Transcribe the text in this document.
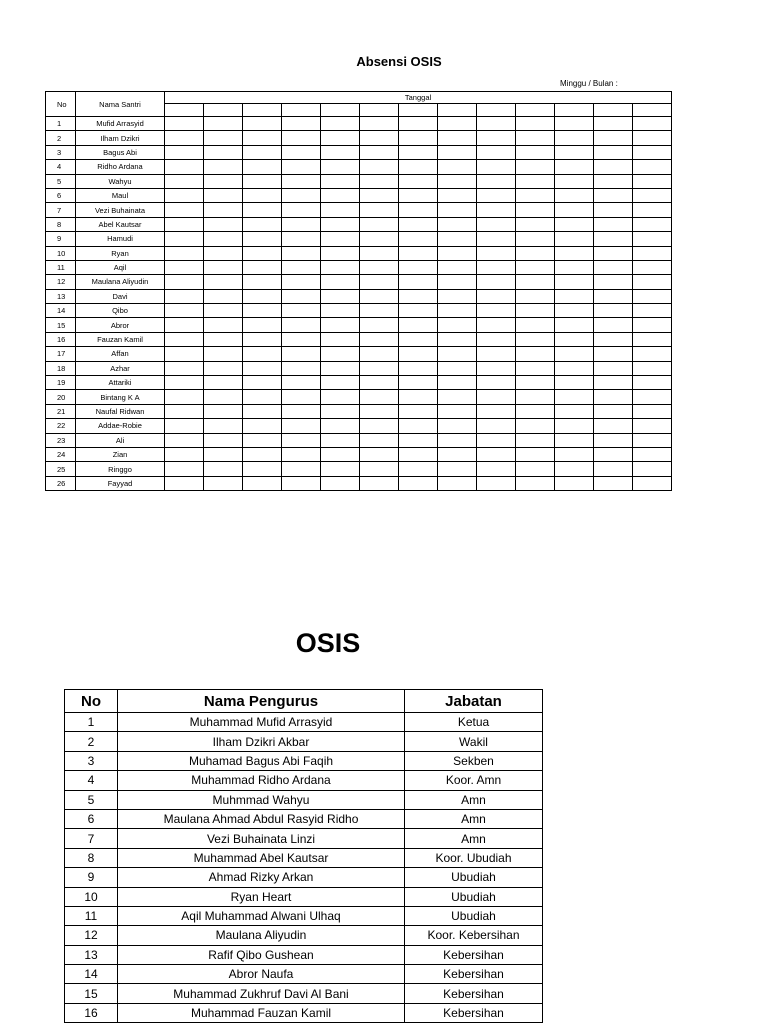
Absensi OSIS
Minggu / Bulan :
No	Nama Santri	Tanggal												

1	Mufid Arrasyid													
2	Ilham Dzikri													
3	Bagus Abi													
4	Ridho Ardana													
5	Wahyu													
6	Maul													
7	Vezi Buhainata													
8	Abel Kautsar													
9	Hamudi													
10	Ryan													
11	Aqil													
12	Maulana Aliyudin													
13	Davi													
14	Qibo													
15	Abror													
16	Fauzan Kamil													
17	Affan													
18	Azhar													
19	Attariki													
20	Bintang K A													
21	Naufal Ridwan													
22	Addae-Robie													
23	Ali													
24	Zian													
25	Ringgo													
26	Fayyad													
OSIS
No	Nama Pengurus	Jabatan
1	Muhammad Mufid Arrasyid	Ketua
2	Ilham Dzikri Akbar	Wakil
3	Muhamad Bagus Abi Faqih	Sekben
4	Muhammad Ridho Ardana	Koor. Amn
5	Muhmmad Wahyu	Amn
6	Maulana Ahmad Abdul Rasyid Ridho	Amn
7	Vezi Buhainata Linzi	Amn
8	Muhammad Abel Kautsar	Koor. Ubudiah
9	Ahmad Rizky Arkan	Ubudiah
10	Ryan Heart	Ubudiah
11	Aqil Muhammad Alwani Ulhaq	Ubudiah
12	Maulana Aliyudin	Koor. Kebersihan
13	Rafif Qibo Gushean	Kebersihan
14	Abror Naufa	Kebersihan
15	Muhammad Zukhruf Davi Al Bani	Kebersihan
16	Muhammad Fauzan Kamil	Kebersihan
